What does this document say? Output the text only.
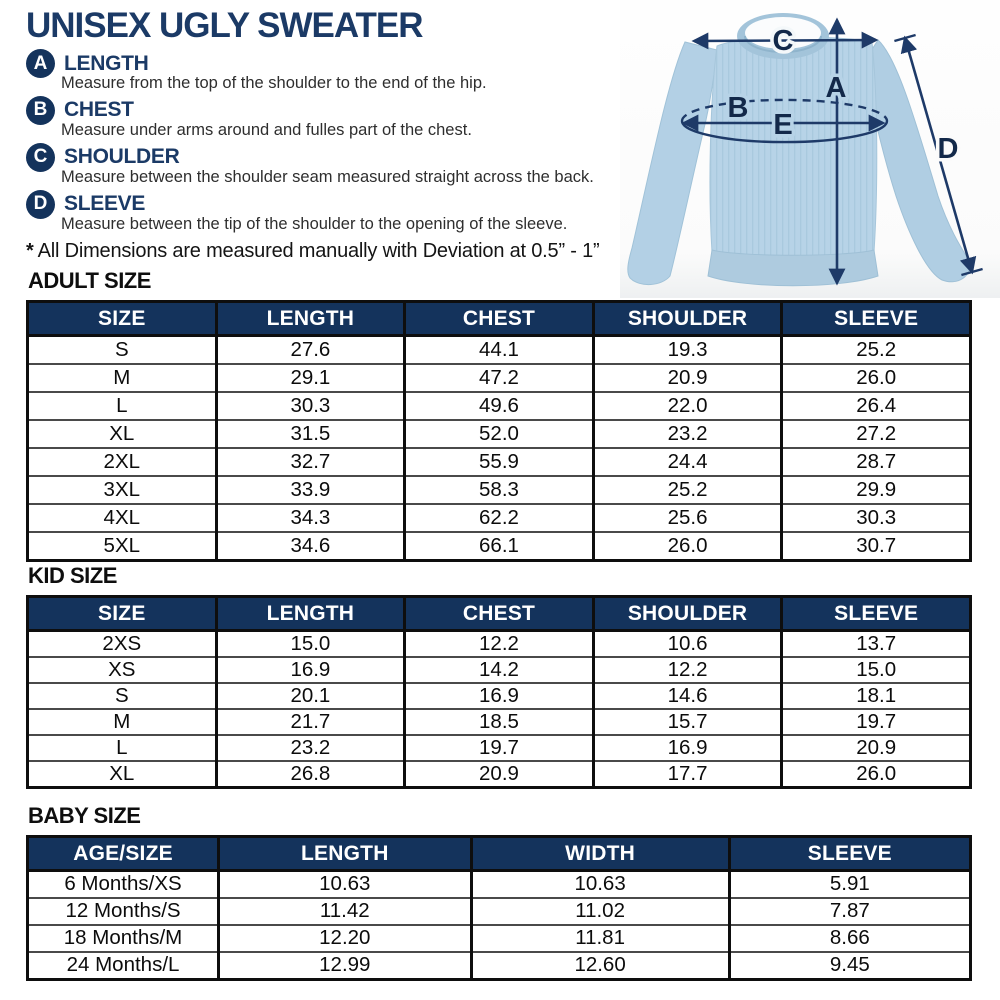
C
A
B
E
D
UNISEX UGLY SWEATER
A LENGTH
Measure from the top of the shoulder to the end of the hip.
B CHEST
Measure under arms around and fulles part of the chest.
C SHOULDER
Measure between the shoulder seam measured straight across the back.
D SLEEVE
Measure between the tip of the shoulder to the opening of the sleeve.

* All Dimensions are measured manually with Deviation at 0.5” - 1”

ADULT SIZE
SIZE	LENGTH	CHEST	SHOULDER	SLEEVE
S	27.6	44.1	19.3	25.2
M	29.1	47.2	20.9	26.0
L	30.3	49.6	22.0	26.4
XL	31.5	52.0	23.2	27.2
2XL	32.7	55.9	24.4	28.7
3XL	33.9	58.3	25.2	29.9
4XL	34.3	62.2	25.6	30.3
5XL	34.6	66.1	26.0	30.7
KID SIZE
SIZE	LENGTH	CHEST	SHOULDER	SLEEVE
2XS	15.0	12.2	10.6	13.7
XS	16.9	14.2	12.2	15.0
S	20.1	16.9	14.6	18.1
M	21.7	18.5	15.7	19.7
L	23.2	19.7	16.9	20.9
XL	26.8	20.9	17.7	26.0
BABY SIZE
AGE/SIZE	LENGTH	WIDTH	SLEEVE
6 Months/XS	10.63	10.63	5.91
12 Months/S	11.42	11.02	7.87
18 Months/M	12.20	11.81	8.66
24 Months/L	12.99	12.60	9.45
